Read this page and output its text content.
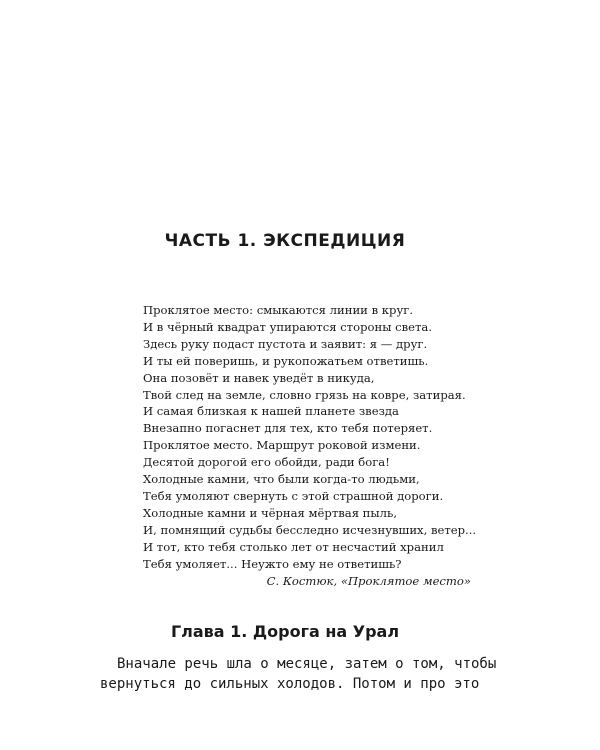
ЧАСТЬ 1. ЭКСПЕДИЦИЯ
Проклятое место: смыкаются линии в круг.
И в чёрный квадрат упираются стороны света.
Здесь руку подаст пустота и заявит: я — друг.
И ты ей поверишь, и рукопожатьем ответишь.
Она позовёт и навек уведёт в никуда,
Твой след на земле, словно грязь на ковре, затирая.
И самая близкая к нашей планете звезда
Внезапно погаснет для тех, кто тебя потеряет.
Проклятое место. Маршрут роковой измени.
Десятой дорогой его обойди, ради бога!
Холодные камни, что были когда-то людьми,
Тебя умоляют свернуть с этой страшной дороги.
Холодные камни и чёрная мёртвая пыль,
И, помнящий судьбы бесследно исчезнувших, ветер...
И тот, кто тебя столько лет от несчастий хранил
Тебя умоляет... Неужто ему не ответишь?
С. Костюк, «Проклятое место»
Глава 1. Дорога на Урал
Вначале речь шла о месяце, затем о том, чтобы
вернуться до сильных холодов. Потом и про это
